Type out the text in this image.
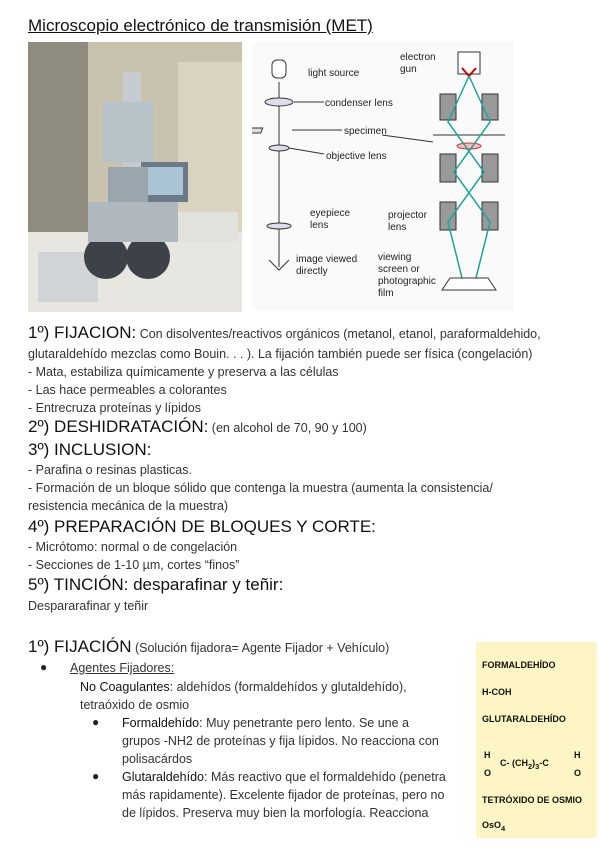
Microscopio electrónico de transmisión (MET)
light source
condenser lens
specimen
objective lens
eyepiece
lens
image viewed
directly
electron
gun
projector
lens
viewing
screen or
photographic
film
1º) FIJACION: Con disolventes/reactivos orgánicos (metanol, etanol, paraformaldehido,
glutaraldehído mezclas como Bouin. . . ). La fijación también puede ser física (congelación)
- Mata, estabiliza químicamente y preserva a las células
- Las hace permeables a colorantes
- Entrecruza proteínas y lípidos
2º) DESHIDRATACIÓN: (en alcohol de 70, 90 y 100)
3º) INCLUSION:
- Parafina o resinas plasticas.
- Formación de un bloque sólido que contenga la muestra (aumenta la consistencia/
resistencia mecánica de la muestra)
4º) PREPARACIÓN DE BLOQUES Y CORTE:
- Micrótomo: normal o de congelación
- Secciones de 1-10 µm, cortes “finos”
5º) TINCIÓN: desparafinar y teñir:
Despararafinar y teñir
1º) FIJACIÓN (Solución fijadora= Agente Fijador + Vehículo)
● Agentes Fijadores:
No Coagulantes: aldehídos (formaldehídos y glutaldehído),
tetraóxido de osmio
● Formaldehído: Muy penetrante pero lento. Se une a
grupos -NH2 de proteínas y fija lípidos. No reacciona con
polisacárdos
● Glutaraldehído: Más reactivo que el formaldehído (penetra
más rapidamente). Excelente fijador de proteínas, pero no
de lípidos. Preserva muy bien la morfología. Reacciona
FORMALDEHÍDO
H-COH
GLUTARALDEHÍDO
H	H
C- $(CH_2)_3-C$
O	O
TETRÓXIDO DE OSMIO
OsO$_4$
